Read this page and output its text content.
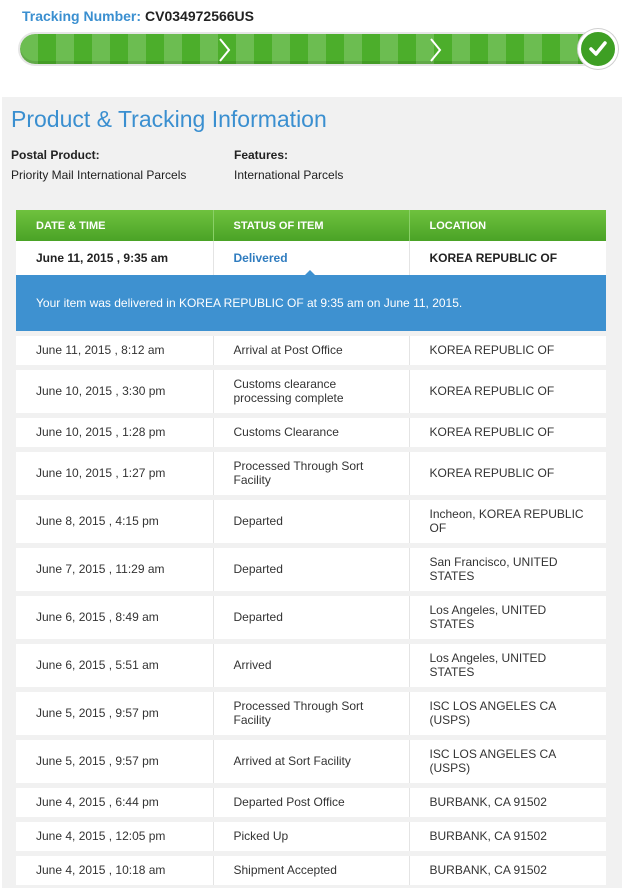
Tracking Number: CV034972566US
Product & Tracking Information
Postal Product:
Priority Mail International Parcels
Features:
International Parcels
DATE & TIME	STATUS OF ITEM	LOCATION
June 11, 2015 , 9:35 am	Delivered	KOREA REPUBLIC OF
Your item was delivered in KOREA REPUBLIC OF at 9:35 am on June 11, 2015.		
June 11, 2015 , 8:12 am	Arrival at Post Office	KOREA REPUBLIC OF
June 10, 2015 , 3:30 pm	Customs clearance processing complete	KOREA REPUBLIC OF
June 10, 2015 , 1:28 pm	Customs Clearance	KOREA REPUBLIC OF
June 10, 2015 , 1:27 pm	Processed Through Sort Facility	KOREA REPUBLIC OF
June 8, 2015 , 4:15 pm	Departed	Incheon, KOREA REPUBLIC OF
June 7, 2015 , 11:29 am	Departed	San Francisco, UNITED STATES
June 6, 2015 , 8:49 am	Departed	Los Angeles, UNITED STATES
June 6, 2015 , 5:51 am	Arrived	Los Angeles, UNITED STATES
June 5, 2015 , 9:57 pm	Processed Through Sort Facility	ISC LOS ANGELES CA (USPS)
June 5, 2015 , 9:57 pm	Arrived at Sort Facility	ISC LOS ANGELES CA (USPS)
June 4, 2015 , 6:44 pm	Departed Post Office	BURBANK, CA 91502
June 4, 2015 , 12:05 pm	Picked Up	BURBANK, CA 91502
June 4, 2015 , 10:18 am	Shipment Accepted	BURBANK, CA 91502
